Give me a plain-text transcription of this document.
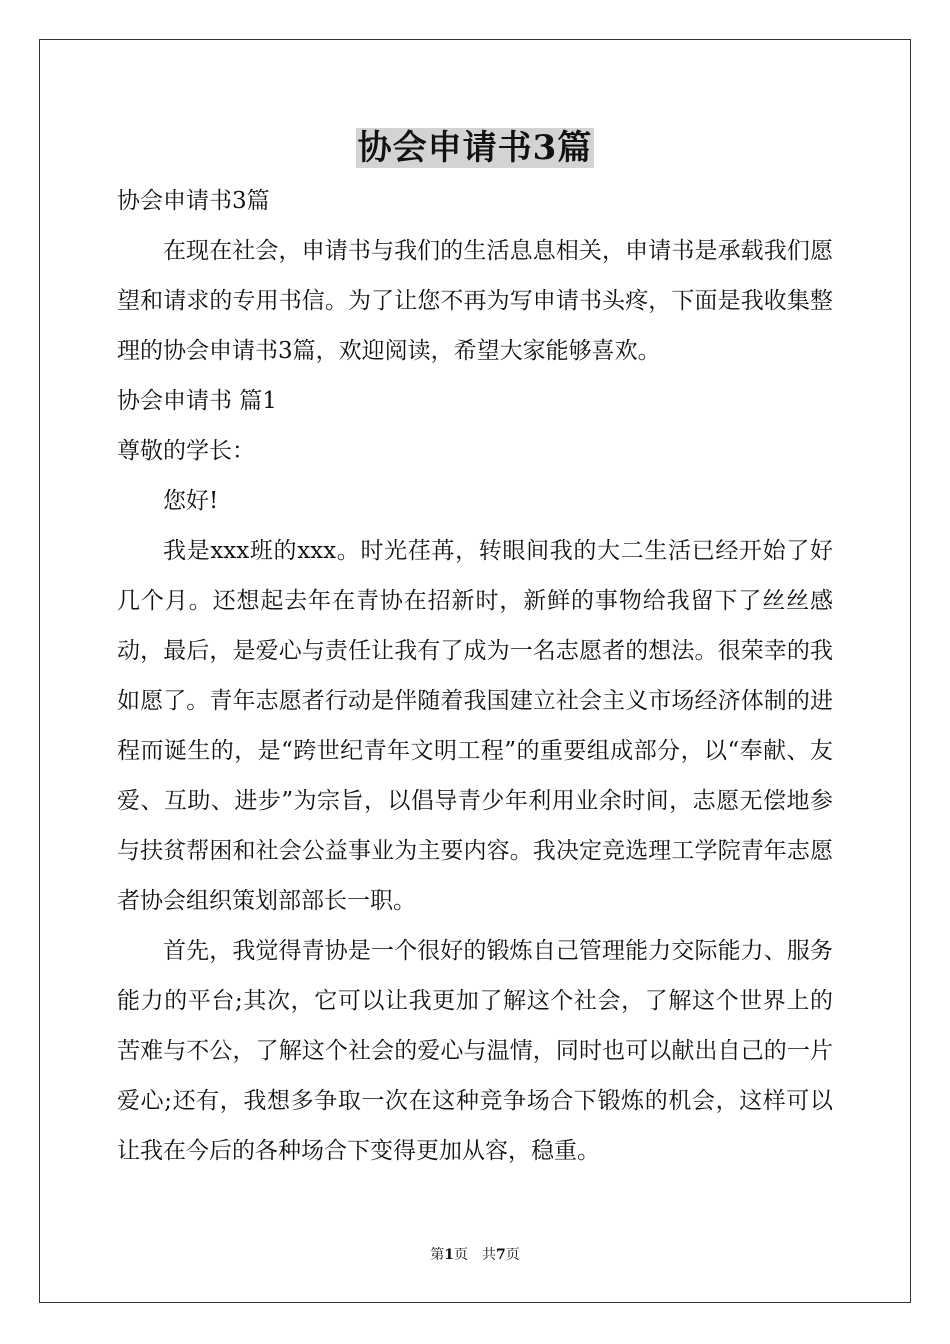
协会申请书3篇

协会申请书3篇

在现在社会，申请书与我们的生活息息相关，申请书是承载我们愿望和请求的专用书信。为了让您不再为写申请书头疼，下面是我收集整理的协会申请书3篇，欢迎阅读，希望大家能够喜欢。

协会申请书 篇1

尊敬的学长：

您好!

我是xxx班的xxx。时光荏苒，转眼间我的大二生活已经开始了好几个月。还想起去年在青协在招新时，新鲜的事物给我留下了丝丝感动，最后，是爱心与责任让我有了成为一名志愿者的想法。很荣幸的我如愿了。青年志愿者行动是伴随着我国建立社会主义市场经济体制的进程而诞生的，是“跨世纪青年文明工程”的重要组成部分，以“奉献、友爱、互助、进步”为宗旨，以倡导青少年利用业余时间，志愿无偿地参与扶贫帮困和社会公益事业为主要内容。我决定竞选理工学院青年志愿者协会组织策划部部长一职。

首先，我觉得青协是一个很好的锻炼自己管理能力交际能力、服务能力的平台;其次，它可以让我更加了解这个社会，了解这个世界上的苦难与不公，了解这个社会的爱心与温情，同时也可以献出自己的一片爱心;还有，我想多争取一次在这种竞争场合下锻炼的机会，这样可以让我在今后的各种场合下变得更加从容，稳重。

第1页　共7页
